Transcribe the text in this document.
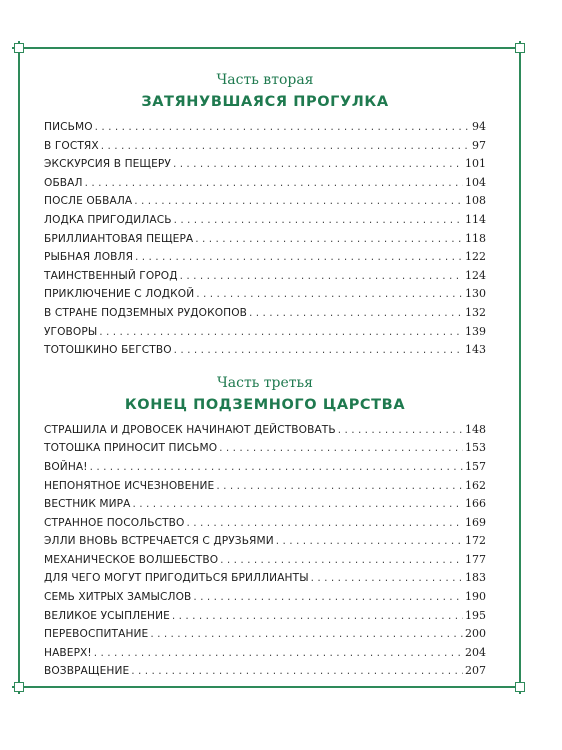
Часть вторая
ЗАТЯНУВШАЯСЯ ПРОГУЛКА
ПИСЬМО . . .	94
В ГОСТЯХ . . .	97
ЭКСКУРСИЯ В ПЕЩЕРУ . . .	101
ОБВАЛ . . .	104
ПОСЛЕ ОБВАЛА . . .	108
ЛОДКА ПРИГОДИЛАСЬ . . .	114
БРИЛЛИАНТОВАЯ ПЕЩЕРА . . .	118
РЫБНАЯ ЛОВЛЯ . . .	122
ТАИНСТВЕННЫЙ ГОРОД . . .	124
ПРИКЛЮЧЕНИЕ С ЛОДКОЙ . . .	130
В СТРАНЕ ПОДЗЕМНЫХ РУДОКОПОВ . . .	132
УГОВОРЫ . . .	139
ТОТОШКИНО БЕГСТВО . . .	143
Часть третья
КОНЕЦ ПОДЗЕМНОГО ЦАРСТВА
СТРАШИЛА И ДРОВОСЕК НАЧИНАЮТ ДЕЙСТВОВАТЬ . . .	148
ТОТОШКА ПРИНОСИТ ПИСЬМО . . .	153
ВОЙНА! . . .	157
НЕПОНЯТНОЕ ИСЧЕЗНОВЕНИЕ . . .	162
ВЕСТНИК МИРА . . .	166
СТРАННОЕ ПОСОЛЬСТВО . . .	169
ЭЛЛИ ВНОВЬ ВСТРЕЧАЕТСЯ С ДРУЗЬЯМИ . . .	172
МЕХАНИЧЕСКОЕ ВОЛШЕБСТВО . . .	177
ДЛЯ ЧЕГО МОГУТ ПРИГОДИТЬСЯ БРИЛЛИАНТЫ . . .	183
СЕМЬ ХИТРЫХ ЗАМЫСЛОВ . . .	190
ВЕЛИКОЕ УСЫПЛЕНИЕ . . .	195
ПЕРЕВОСПИТАНИЕ . . .	200
НАВЕРХ! . . .	204
ВОЗВРАЩЕНИЕ . . .	207
